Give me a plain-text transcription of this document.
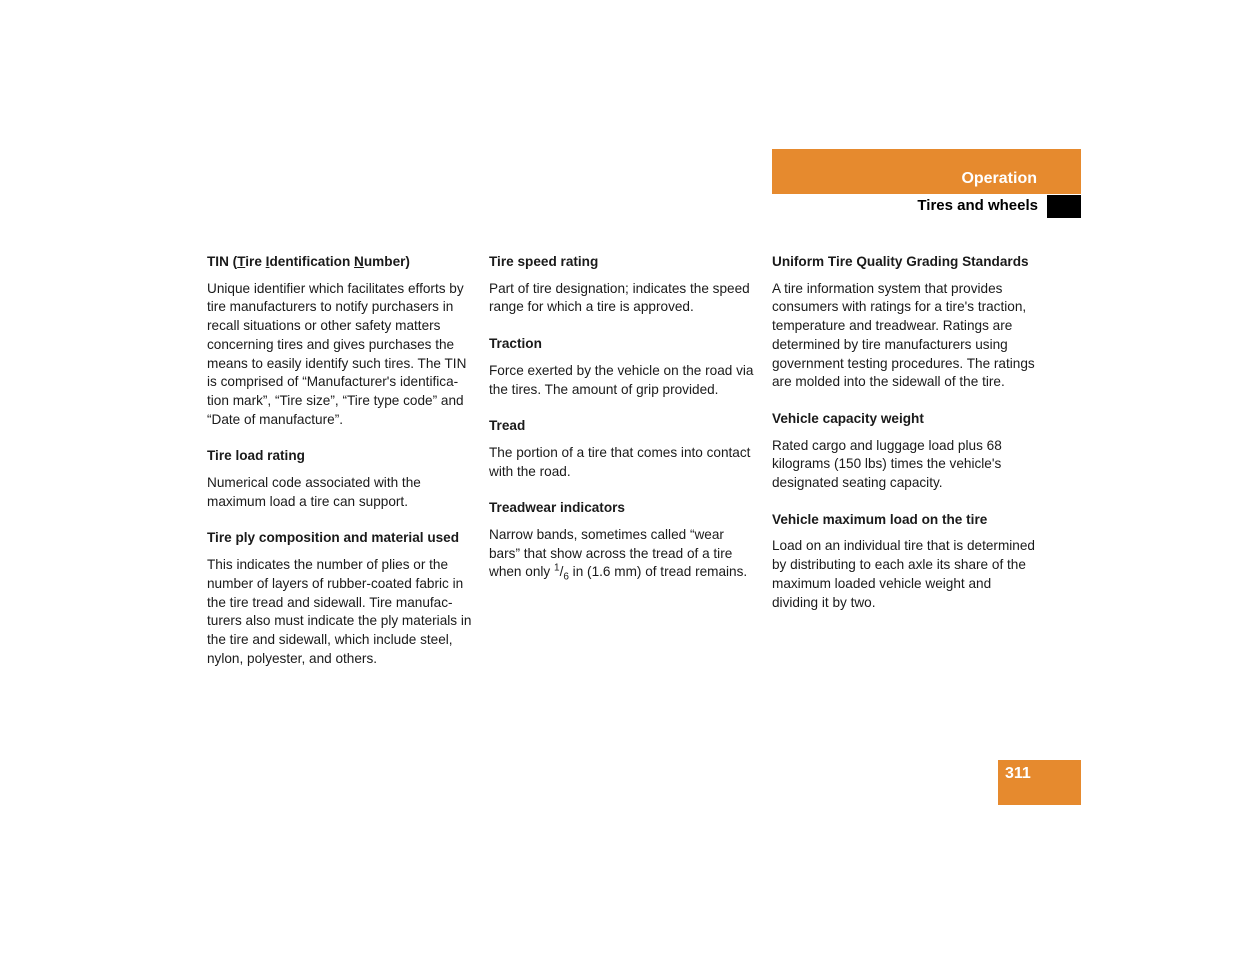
Operation
Tires and wheels

TIN (Tire Identification Number)

Unique identifier which facilitates efforts by tire manufacturers to notify purchasers in recall situations or other safety matters concerning tires and gives purchases the means to easily identify such tires. The TIN is comprised of “Manufacturer's identifica-tion mark”, “Tire size”, “Tire type code” and “Date of manufacture”.

Tire load rating

Numerical code associated with the maximum load a tire can support.

Tire ply composition and material used

This indicates the number of plies or the number of layers of rubber-coated fabric in the tire tread and sidewall. Tire manufac-turers also must indicate the ply materials in the tire and sidewall, which include steel, nylon, polyester, and others.

Tire speed rating

Part of tire designation; indicates the speed range for which a tire is approved.

Traction

Force exerted by the vehicle on the road via the tires. The amount of grip provided.

Tread

The portion of a tire that comes into contact with the road.

Treadwear indicators

Narrow bands, sometimes called “wear bars” that show across the tread of a tire when only $^1/_6$ in (1.6 mm) of tread remains.

Uniform Tire Quality Grading Standards

A tire information system that provides consumers with ratings for a tire's traction, temperature and treadwear. Ratings are determined by tire manufacturers using government testing procedures. The ratings are molded into the sidewall of the tire.

Vehicle capacity weight

Rated cargo and luggage load plus 68 kilograms (150 lbs) times the vehicle's designated seating capacity.

Vehicle maximum load on the tire

Load on an individual tire that is determined by distributing to each axle its share of the maximum loaded vehicle weight and dividing it by two.

311
